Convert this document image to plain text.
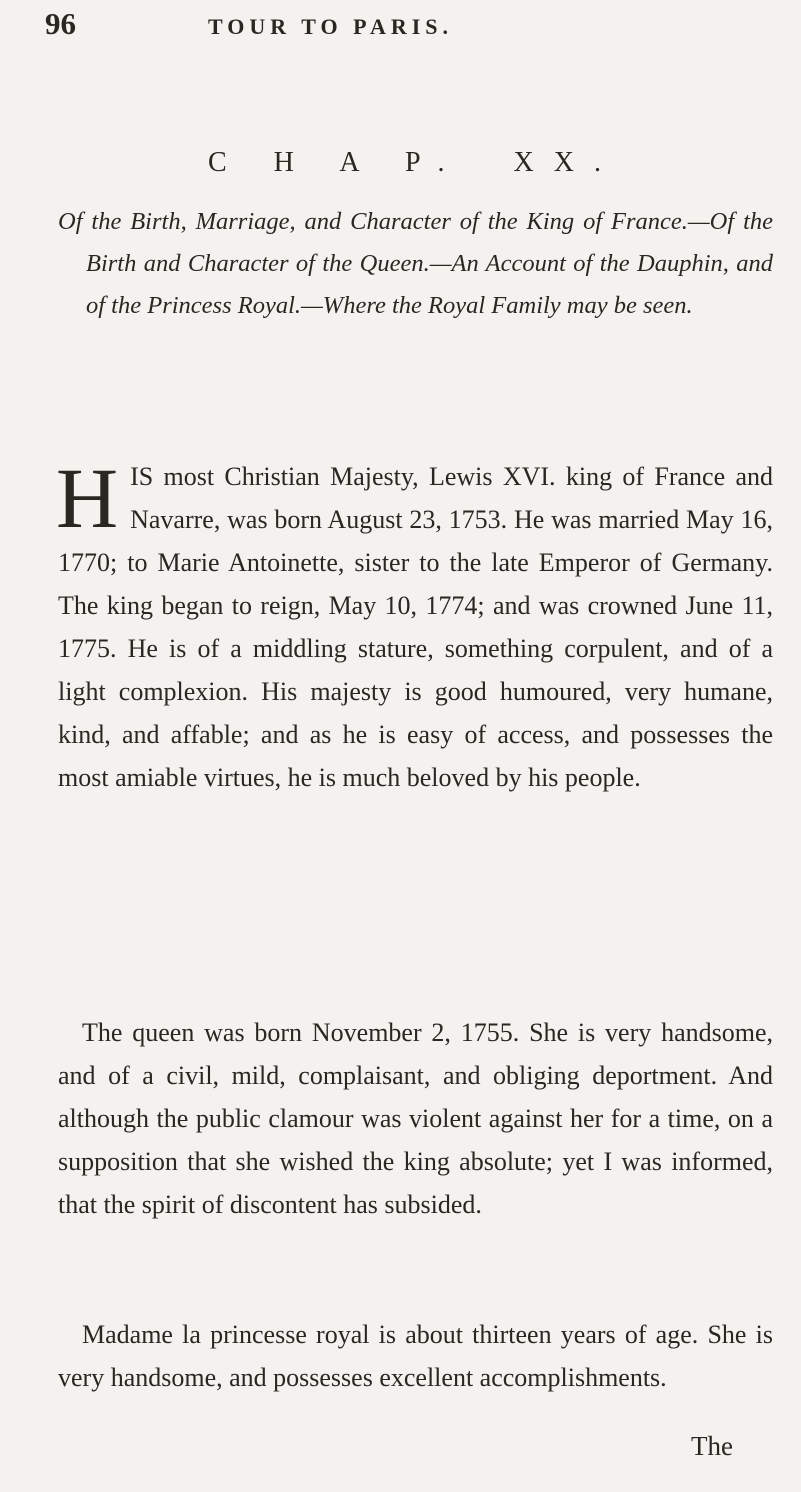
96	TOUR TO PARIS.
C H A P. XX.
Of the Birth, Marriage, and Character of the King of France.—Of the Birth and Character of the Queen.—An Account of the Dauphin, and of the Princess Royal.—Where the Royal Family may be seen.
H IS most Christian Majesty, Lewis XVI. king of France and Navarre, was born August 23, 1753. He was married May 16, 1770; to Marie Antoinette, sister to the late Emperor of Germany. The king began to reign, May 10, 1774; and was crowned June 11, 1775. He is of a middling stature, something corpulent, and of a light complexion. His majesty is good humoured, very humane, kind, and affable; and as he is easy of access, and possesses the most amiable virtues, he is much beloved by his people.
The queen was born November 2, 1755. She is very handsome, and of a civil, mild, complaisant, and obliging deportment. And although the public clamour was violent against her for a time, on a supposition that she wished the king absolute; yet I was informed, that the spirit of discontent has subsided.
Madame la princesse royal is about thirteen years of age. She is very handsome, and possesses excellent accomplishments.
The
